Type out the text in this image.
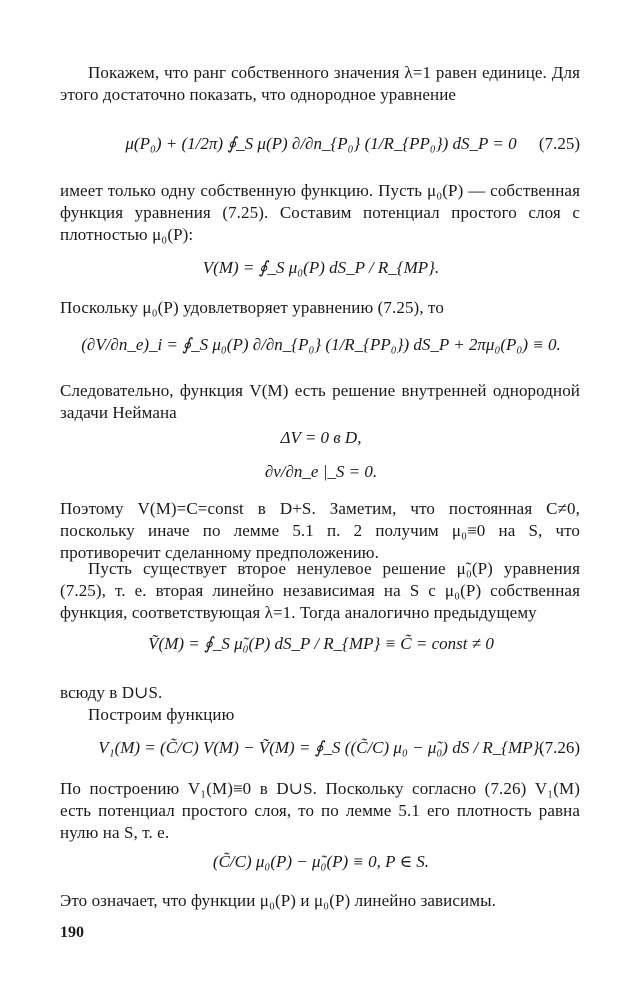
Покажем, что ранг собственного значения λ=1 равен единице. Для этого достаточно показать, что однородное уравнение
μ(P₀) + (1/2π) ∮_S μ(P) ∂/∂n_{P₀} (1/R_{PP₀}) dS_P = 0 (7.25)
имеет только одну собственную функцию. Пусть μ₀(P) — собственная функция уравнения (7.25). Составим потенциал простого слоя с плотностью μ₀(P):
V(M) = ∮_S μ₀(P) dS_P / R_{MP}.
Поскольку μ₀(P) удовлетворяет уравнению (7.25), то
(∂V/∂n_e)_i = ∮_S μ₀(P) ∂/∂n_{P₀} (1/R_{PP₀}) dS_P + 2πμ₀(P₀) ≡ 0.
Следовательно, функция V(M) есть решение внутренней однородной задачи Неймана
ΔV = 0 в D,
∂v/∂n_e |_S = 0.
Поэтому V(M)=C=const в D+S. Заметим, что постоянная C≠0, поскольку иначе по лемме 5.1 п. 2 получим μ₀≡0 на S, что противоречит сделанному предположению.
Пусть существует второе ненулевое решение μ̃₀(P) уравнения (7.25), т. е. вторая линейно независимая на S с μ₀(P) собственная функция, соответствующая λ=1. Тогда аналогично предыдущему
Ṽ(M) = ∮_S μ̃₀(P) dS_P / R_{MP} ≡ C̃ = const ≠ 0
всюду в D∪S.
Построим функцию
V₁(M) = (C̃/C) V(M) − Ṽ(M) = ∮_S ((C̃/C) μ₀ − μ̃₀) dS / R_{MP}.
(7.26)
По построению V₁(M)≡0 в D∪S. Поскольку согласно (7.26) V₁(M) есть потенциал простого слоя, то по лемме 5.1 его плотность равна нулю на S, т. е.
(C̃/C) μ₀(P) − μ̃₀(P) ≡ 0, P ∈ S.
Это означает, что функции μ₀(P) и μ₀(P) линейно зависимы.
190
